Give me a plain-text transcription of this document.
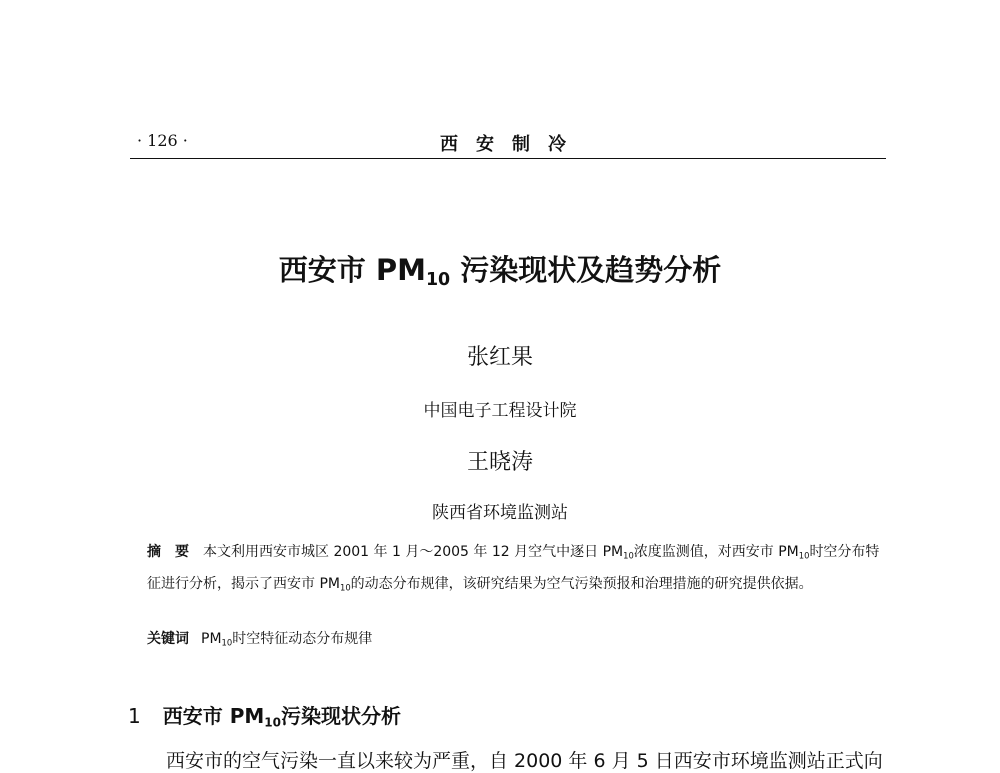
· 126 ·	西安制冷
西安市 $PM_{10}$ 污染现状及趋势分析
张红果
中国电子工程设计院
王晓涛
陕西省环境监测站
摘　要 本文利用西安市城区 2001 年 1 月～2005 年 12 月空气中逐日 $PM_{10}$浓度监测值，对西安市 $PM_{10}$时空分布特征进行分析，揭示了西安市 $PM_{10}$的动态分布规律，该研究结果为空气污染预报和治理措施的研究提供依据。
关键词 $PM_{10}$时空特征动态分布规律
1 西安市 $PM_{10}$污染现状分析
西安市的空气污染一直以来较为严重，自 2000 年 6 月 5 日西安市环境监测站正式向
